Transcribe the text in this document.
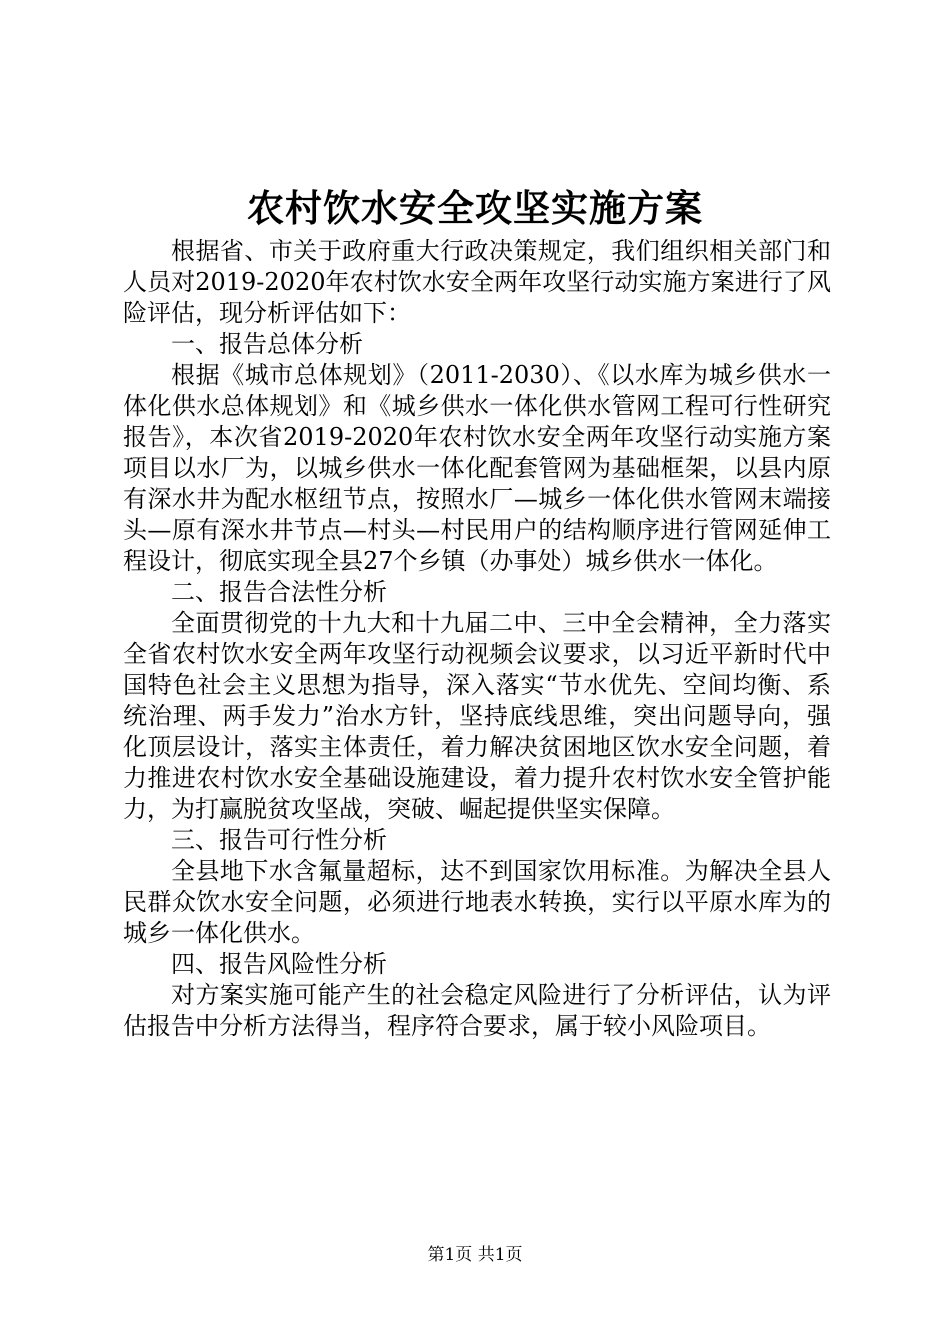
农村饮水安全攻坚实施方案

根据省、市关于政府重大行政决策规定，我们组织相关部门和人员对2019-2020年农村饮水安全两年攻坚行动实施方案进行了风险评估，现分析评估如下：

一、报告总体分析

根据《城市总体规划》（2011-2030）、《以水库为城乡供水一体化供水总体规划》和《城乡供水一体化供水管网工程可行性研究报告》，本次省2019-2020年农村饮水安全两年攻坚行动实施方案项目以水厂为，以城乡供水一体化配套管网为基础框架，以县内原有深水井为配水枢纽节点，按照水厂—城乡一体化供水管网末端接头—原有深水井节点—村头—村民用户的结构顺序进行管网延伸工程设计，彻底实现全县27个乡镇（办事处）城乡供水一体化。

二、报告合法性分析

全面贯彻党的十九大和十九届二中、三中全会精神，全力落实全省农村饮水安全两年攻坚行动视频会议要求，以习近平新时代中国特色社会主义思想为指导，深入落实“节水优先、空间均衡、系统治理、两手发力”治水方针，坚持底线思维，突出问题导向，强化顶层设计，落实主体责任，着力解决贫困地区饮水安全问题，着力推进农村饮水安全基础设施建设，着力提升农村饮水安全管护能力，为打赢脱贫攻坚战，突破、崛起提供坚实保障。

三、报告可行性分析

全县地下水含氟量超标，达不到国家饮用标准。为解决全县人民群众饮水安全问题，必须进行地表水转换，实行以平原水库为的城乡一体化供水。

四、报告风险性分析

对方案实施可能产生的社会稳定风险进行了分析评估，认为评估报告中分析方法得当，程序符合要求，属于较小风险项目。

第1页 共1页
